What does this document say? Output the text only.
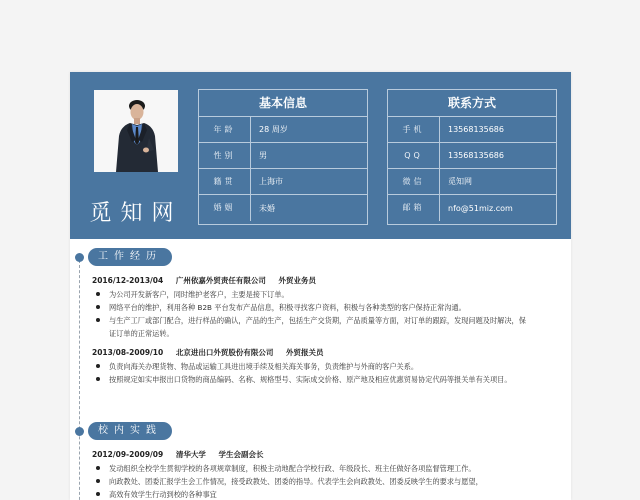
觅知网
基本信息
年龄	28 周岁
性别	男
籍贯	上海市
婚姻	未婚
联系方式
手机	13568135686
QQ	13568135686
微信	觅知网
邮箱	nfo@51miz.com
工作经历
2016/12-2013/04 广州依嘉外贸责任有限公司 外贸业务员
为公司开发新客户，同时维护老客户，主要是接下订单。
网络平台的维护，利用各种 B2B 平台发布产品信息，积极寻找客户资料，积极与各种类型的客户保持正常沟通。
与生产工厂或部门配合，进行样品的确认，产品的生产，包括生产交货期，产品质量等方面，对订单的跟踪，发现问题及时解决，保证订单的正常运转。
2013/08-2009/10 北京进出口外贸股份有限公司 外贸报关员
负责向海关办理货物、物品或运输工具进出境手续及相关海关事务，负责维护与外商的客户关系。
按照规定如实申报出口货物的商品编码、名称、规格型号、实际成交价格、原产地及相应优惠贸易协定代码等报关单有关项目。
校内实践
2012/09-2009/09 清华大学 学生会副会长
发动组织全校学生贯彻学校的各项规章制度，积极主动地配合学校行政、年级段长、班主任做好各项监督管理工作。
向政教处、团委汇报学生会工作情况，接受政教处、团委的指导。代表学生会向政教处、团委反映学生的要求与愿望，
高效有效学生行动到校的各种事宜
